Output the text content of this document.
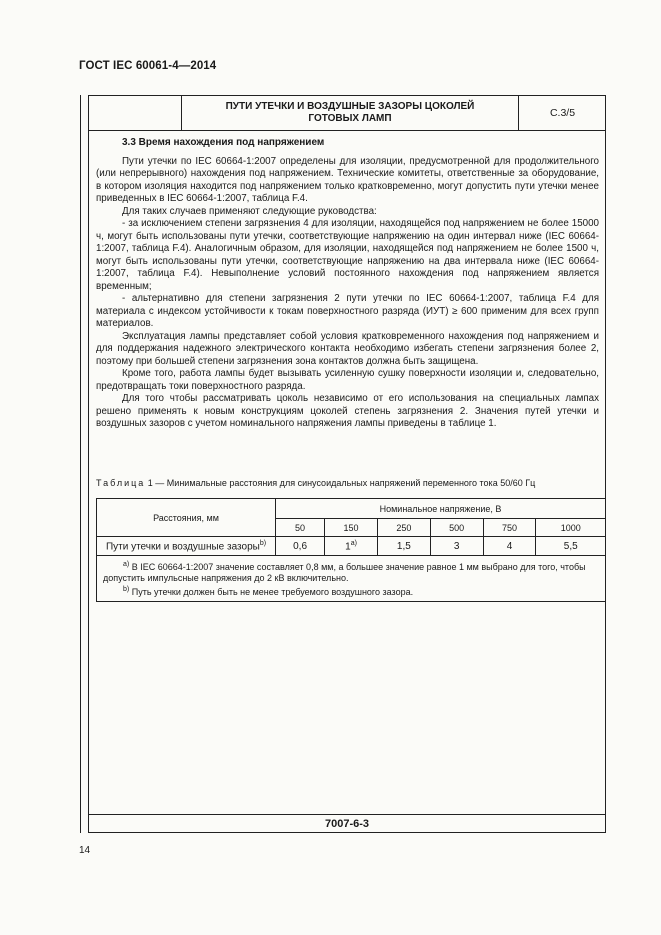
ГОСТ IEC 60061-4—2014
ПУТИ УТЕЧКИ И ВОЗДУШНЫЕ ЗАЗОРЫ ЦОКОЛЕЙ
ГОТОВЫХ ЛАМП	С.3/5
7007-6-3
3.3 Время нахождения под напряжением

Пути утечки по IEC 60664-1:2007 определены для изоляции, предусмотренной для продолжительного (или непрерывного) нахождения под напряжением. Технические комитеты, ответственные за оборудование, в котором изоляция находится под напряжением только кратковременно, могут допустить пути утечки менее приведенных в IEC 60664-1:2007, таблица F.4.

Для таких случаев применяют следующие руководства:

- за исключением степени загрязнения 4 для изоляции, находящейся под напряжением не более 15000 ч, могут быть использованы пути утечки, соответствующие напряжению на один интервал ниже (IEC 60664-1:2007, таблица F.4). Аналогичным образом, для изоляции, находящейся под напряжением не более 1500 ч, могут быть использованы пути утечки, соответствующие напряжению на два интервала ниже (IEC 60664-1:2007, таблица F.4). Невыполнение условий постоянного нахождения под напряжением является временным;

- альтернативно для степени загрязнения 2 пути утечки по IEC 60664-1:2007, таблица F.4 для материала с индексом устойчивости к токам поверхностного разряда (ИУТ) ≥ 600 применим для всех групп материалов.

Эксплуатация лампы представляет собой условия кратковременного нахождения под напряжением и для поддержания надежного электрического контакта необходимо избегать степени загрязнения более 2, поэтому при большей степени загрязнения зона контактов должна быть защищена.

Кроме того, работа лампы будет вызывать усиленную сушку поверхности изоляции и, следовательно, предотвращать токи поверхностного разряда.

Для того чтобы рассматривать цоколь независимо от его использования на специальных лампах решено применять к новым конструкциям цоколей степень загрязнения 2. Значения путей утечки и воздушных зазоров с учетом номинального напряжения лампы приведены в таблице 1.

Таблица 1 — Минимальные расстояния для синусоидальных напряжений переменного тока 50/60 Гц
Расстояния, мм	Номинальное напряжение, В					
	50	150	250	500	750	1000
Пути утечки и воздушные зазоры$^{b)}$	0,6	1$^{a)}$	1,5	3	4	5,5

$^{a)}$ В IEC 60664-1:2007 значение составляет 0,8 мм, а большее значение равное 1 мм выбрано для того, чтобы допустить импульсные напряжения до 2 кВ включительно.
$^{b)}$ Путь утечки должен быть не менее требуемого воздушного зазора.						
14
